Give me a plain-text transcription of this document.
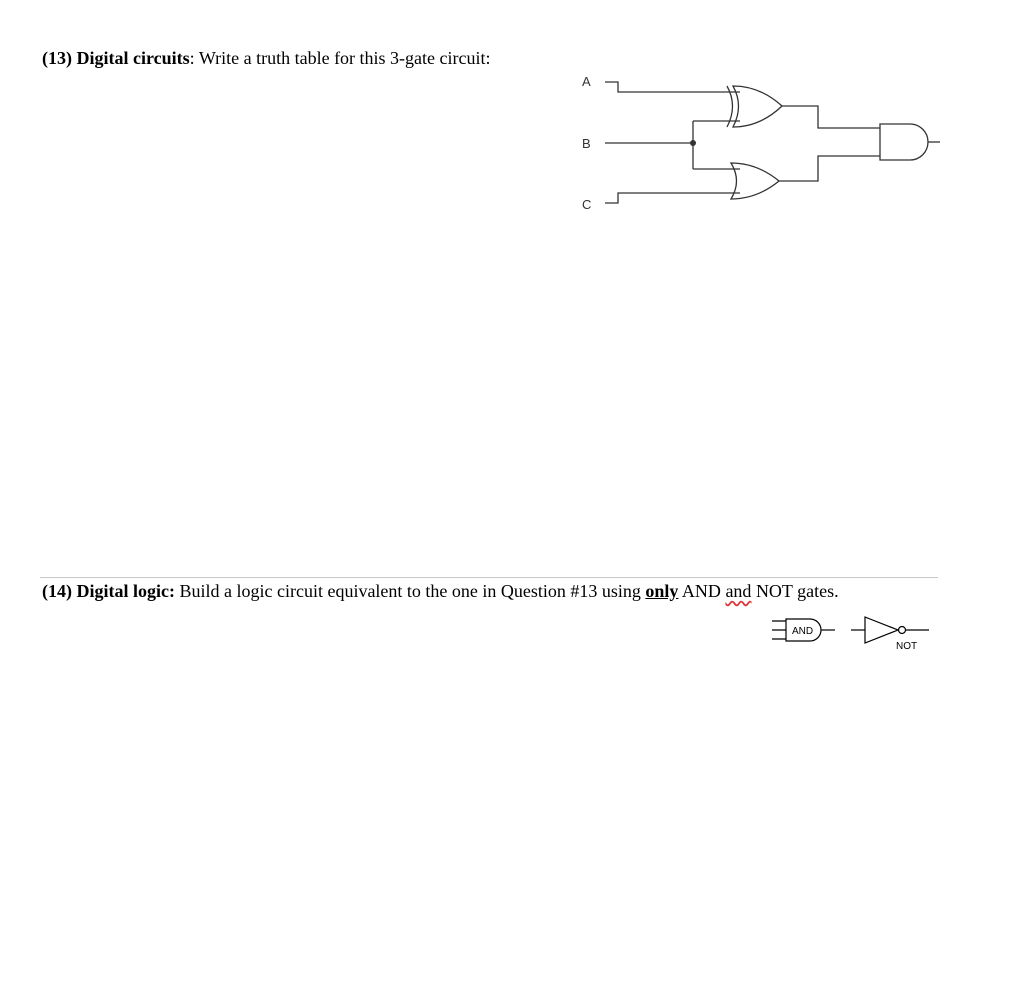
(13) Digital circuits: Write a truth table for this 3-gate circuit:
A
B
C
(14) Digital logic: Build a logic circuit equivalent to the one in Question #13 using only AND and NOT gates.
AND
NOT
